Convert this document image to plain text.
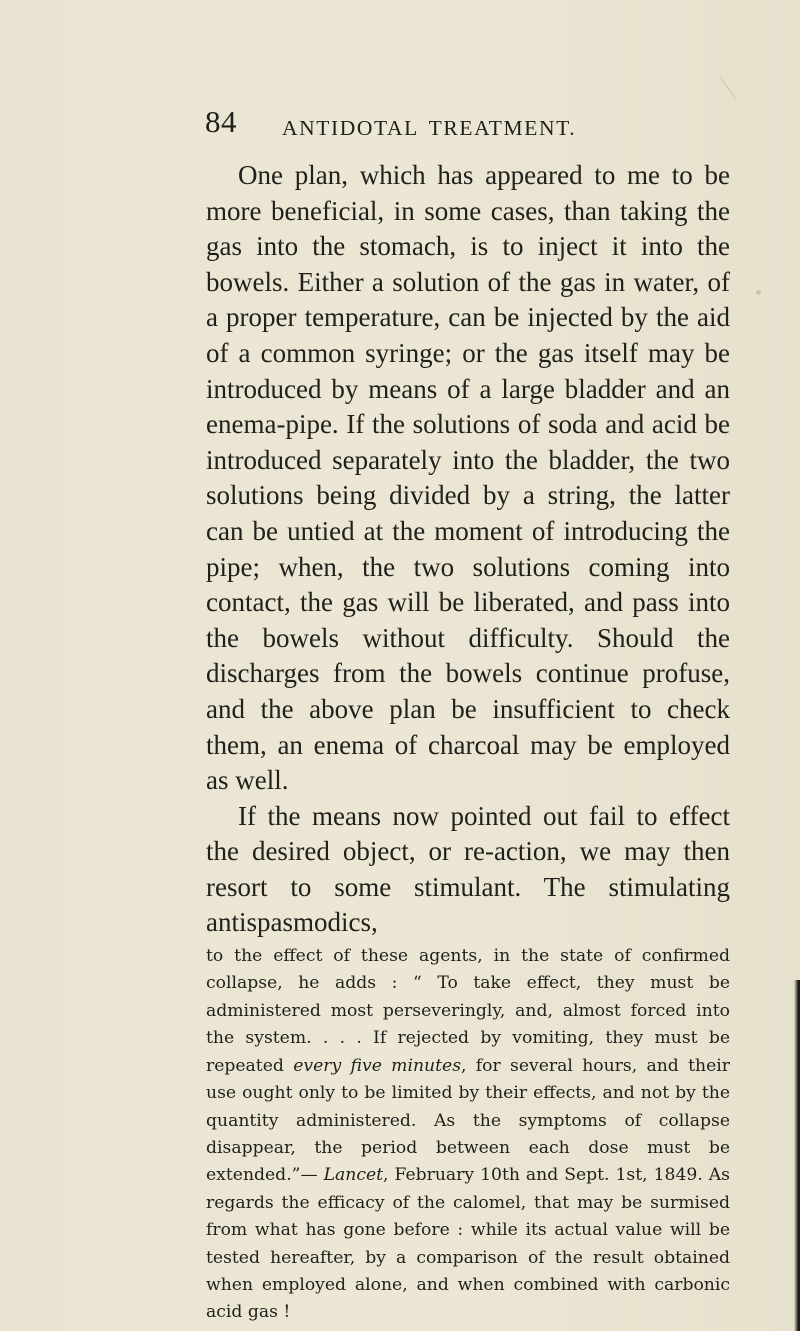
84 ANTIDOTAL TREATMENT.

One plan, which has appeared to me to be more beneficial, in some cases, than taking the gas into the stomach, is to inject it into the bowels. Either a solution of the gas in water, of a proper temperature, can be injected by the aid of a common syringe; or the gas itself may be introduced by means of a large bladder and an enema-pipe. If the solutions of soda and acid be introduced separately into the bladder, the two solutions being divided by a string, the latter can be untied at the moment of introducing the pipe; when, the two solutions coming into contact, the gas will be liberated, and pass into the bowels without difficulty. Should the discharges from the bowels continue profuse, and the above plan be insufficient to check them, an enema of charcoal may be employed as well.

If the means now pointed out fail to effect the desired object, or re-action, we may then resort to some stimulant. The stimulating antispasmodics,

to the effect of these agents, in the state of confirmed collapse, he adds : “ To take effect, they must be administered most perseveringly, and, almost forced into the system. . . . If rejected by vomiting, they must be repeated every five minutes, for several hours, and their use ought only to be limited by their effects, and not by the quantity administered. As the symptoms of collapse disappear, the period between each dose must be extended.”— Lancet, February 10th and Sept. 1st, 1849. As regards the efficacy of the calomel, that may be surmised from what has gone before : while its actual value will be tested hereafter, by a comparison of the result obtained when employed alone, and when combined with carbonic acid gas !
